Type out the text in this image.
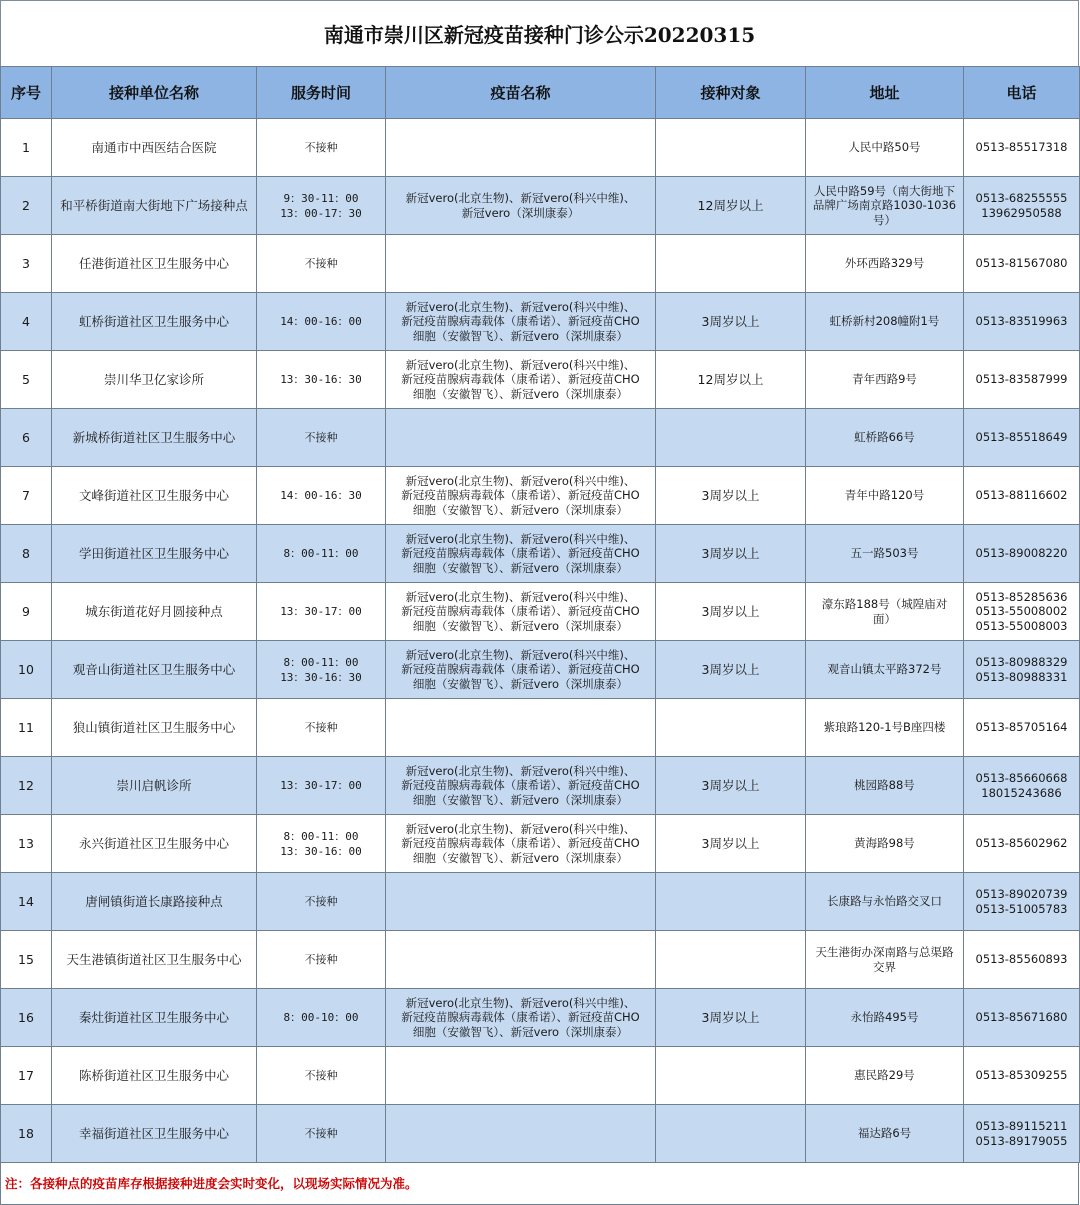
南通市崇川区新冠疫苗接种门诊公示20220315
序号	接种单位名称	服务时间	疫苗名称	接种对象	地址	电话
1	南通市中西医结合医院	不接种			人民中路50号	0513-85517318

2	和平桥街道南大街地下广场接种点	9：30-11：00
13：00-17：30	新冠vero(北京生物)、新冠vero(科兴中维)、
新冠vero（深圳康泰）	12周岁以上	人民中路59号（南大街地下
品牌广场南京路1030-1036
号）	0513-68255555
13962950588

3	任港街道社区卫生服务中心	不接种			外环西路329号	0513-81567080

4	虹桥街道社区卫生服务中心	14：00-16：00	新冠vero(北京生物)、新冠vero(科兴中维)、
新冠疫苗腺病毒载体（康希诺）、新冠疫苗CHO
细胞（安徽智飞）、新冠vero（深圳康泰）	3周岁以上	虹桥新村208幢附1号	0513-83519963

5	崇川华卫亿家诊所	13：30-16：30	新冠vero(北京生物)、新冠vero(科兴中维)、
新冠疫苗腺病毒载体（康希诺）、新冠疫苗CHO
细胞（安徽智飞）、新冠vero（深圳康泰）	12周岁以上	青年西路9号	0513-83587999

6	新城桥街道社区卫生服务中心	不接种			虹桥路66号	0513-85518649

7	文峰街道社区卫生服务中心	14：00-16：30	新冠vero(北京生物)、新冠vero(科兴中维)、
新冠疫苗腺病毒载体（康希诺）、新冠疫苗CHO
细胞（安徽智飞）、新冠vero（深圳康泰）	3周岁以上	青年中路120号	0513-88116602

8	学田街道社区卫生服务中心	8：00-11：00	新冠vero(北京生物)、新冠vero(科兴中维)、
新冠疫苗腺病毒载体（康希诺）、新冠疫苗CHO
细胞（安徽智飞）、新冠vero（深圳康泰）	3周岁以上	五一路503号	0513-89008220

9	城东街道花好月圆接种点	13：30-17：00	新冠vero(北京生物)、新冠vero(科兴中维)、
新冠疫苗腺病毒载体（康希诺）、新冠疫苗CHO
细胞（安徽智飞）、新冠vero（深圳康泰）	3周岁以上	濠东路188号（城隍庙对
面）	0513-85285636
0513-55008002
0513-55008003

10	观音山街道社区卫生服务中心	8：00-11：00
13：30-16：30	新冠vero(北京生物)、新冠vero(科兴中维)、
新冠疫苗腺病毒载体（康希诺）、新冠疫苗CHO
细胞（安徽智飞）、新冠vero（深圳康泰）	3周岁以上	观音山镇太平路372号	0513-80988329
0513-80988331

11	狼山镇街道社区卫生服务中心	不接种			紫琅路120-1号B座四楼	0513-85705164

12	崇川启帆诊所	13：30-17：00	新冠vero(北京生物)、新冠vero(科兴中维)、
新冠疫苗腺病毒载体（康希诺）、新冠疫苗CHO
细胞（安徽智飞）、新冠vero（深圳康泰）	3周岁以上	桃园路88号	0513-85660668
18015243686

13	永兴街道社区卫生服务中心	8：00-11：00
13：30-16：00	新冠vero(北京生物)、新冠vero(科兴中维)、
新冠疫苗腺病毒载体（康希诺）、新冠疫苗CHO
细胞（安徽智飞）、新冠vero（深圳康泰）	3周岁以上	黄海路98号	0513-85602962

14	唐闸镇街道长康路接种点	不接种			长康路与永怡路交叉口	0513-89020739
0513-51005783

15	天生港镇街道社区卫生服务中心	不接种			天生港街办深南路与总渠路
交界	0513-85560893

16	秦灶街道社区卫生服务中心	8：00-10：00	新冠vero(北京生物)、新冠vero(科兴中维)、
新冠疫苗腺病毒载体（康希诺）、新冠疫苗CHO
细胞（安徽智飞）、新冠vero（深圳康泰）	3周岁以上	永怡路495号	0513-85671680

17	陈桥街道社区卫生服务中心	不接种			惠民路29号	0513-85309255

18	幸福街道社区卫生服务中心	不接种			福达路6号	0513-89115211
0513-89179055
注：各接种点的疫苗库存根据接种进度会实时变化，以现场实际情况为准。
